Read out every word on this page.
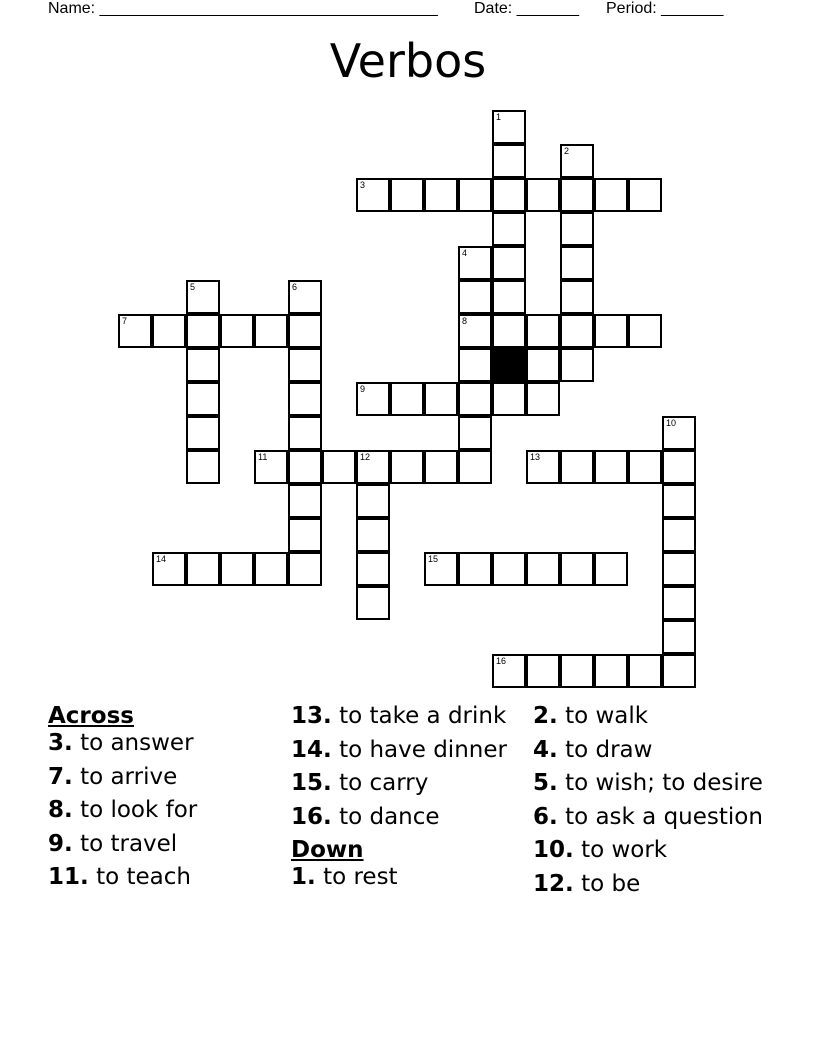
Name: ______________________________________ Date: _______ Period: _______
Verbos
1
2
3
4
5	6
7	8
9
10
11	12	13
14	15
16

Across

3. to answer

7. to arrive

8. to look for

9. to travel

11. to teach

13. to take a drink

14. to have dinner

15. to carry

16. to dance

Down

1. to rest

2. to walk

4. to draw

5. to wish; to desire

6. to ask a question

10. to work

12. to be
